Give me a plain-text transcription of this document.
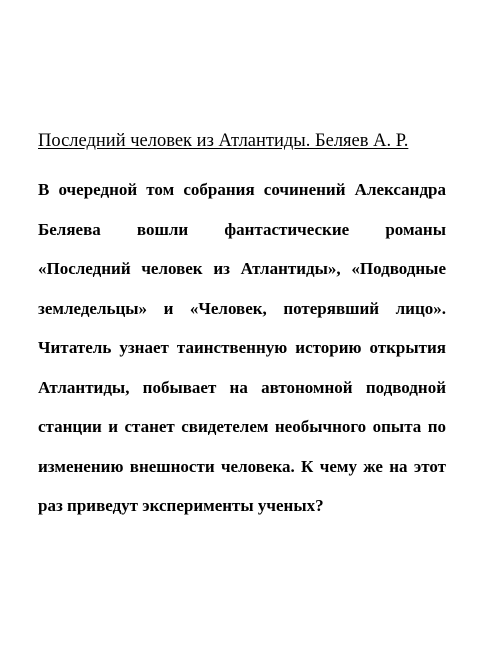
Последний человек из Атлантиды. Беляев А. Р.
В очередной том собрания сочинений Александра
Беляева вошли фантастические романы
«Последний человек из Атлантиды», «Подводные
земледельцы» и «Человек, потерявший лицо».
Читатель узнает таинственную историю открытия
Атлантиды, побывает на автономной подводной
станции и станет свидетелем необычного опыта по
изменению внешности человека. К чему же на этот
раз приведут эксперименты ученых?
